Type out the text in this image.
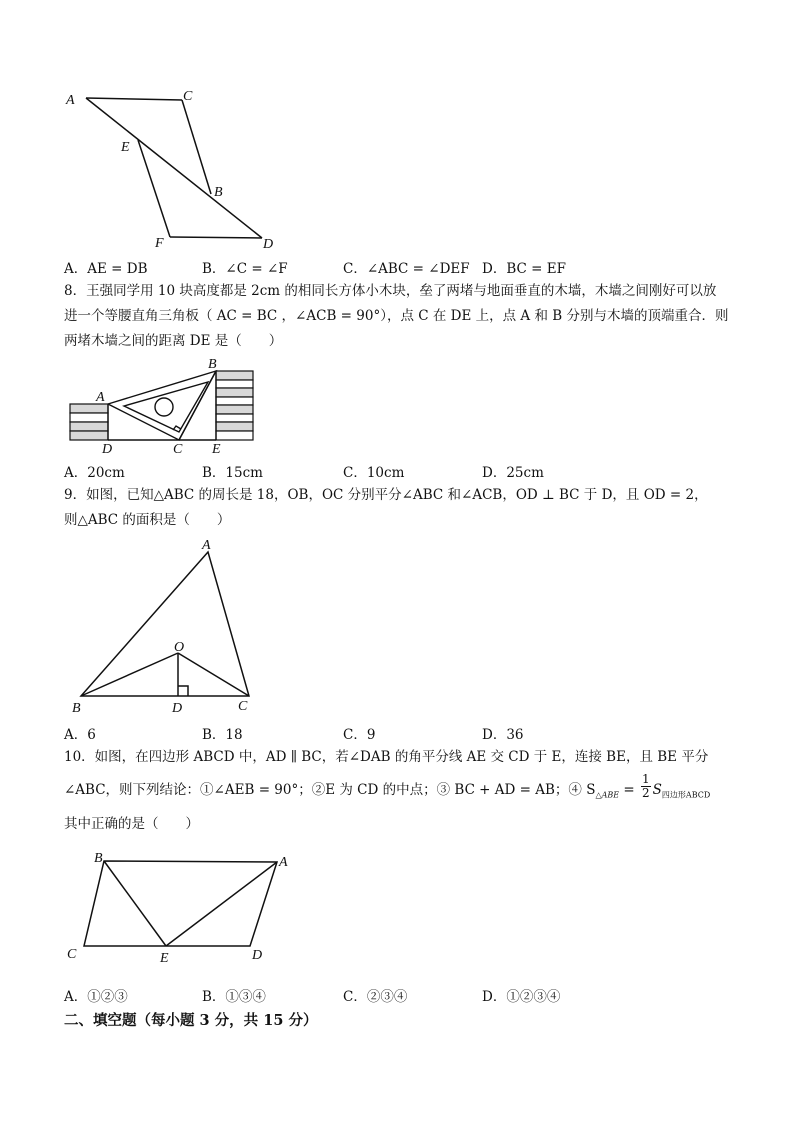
A	C
E
B
F	D
A．AE = DB	B．∠C = ∠F	C．∠ABC = ∠DEF D．BC = EF
8．王强同学用 10 块高度都是 2cm 的相同长方体小木块，垒了两堵与地面垂直的木墙，木墙之间刚好可以放
进一个等腰直角三角板（ AC = BC ，∠ACB = 90°），点 C 在 DE 上，点 A 和 B 分别与木墙的顶端重合．则
两堵木墙之间的距离 DE 是（　　）
A
B
D	C E
A．20cm	B．15cm	C．10cm	D．25cm
9．如图，已知△ABC 的周长是 18，OB，OC 分别平分∠ABC 和∠ACB，OD ⊥ BC 于 D，且 OD = 2，
则△ABC 的面积是（　　）
A
O
B	D	C
A．6	B．18	C．9	D．36
10．如图，在四边形 ABCD 中，AD ∥ BC，若∠DAB 的角平分线 AE 交 CD 于 E，连接 BE，且 BE 平分
∠ABC，则下列结论：①∠AEB = 90°；②E 为 CD 的中点；③ BC + AD = AB；④ $S_{\triangle ABE} = \frac{1}{2} S_{四边形ABCD}$
其中正确的是（　　）
B	A
C	E	D
A．①②③	B．①③④	C．②③④	D．①②③④
二、填空题（每小题 3 分，共 15 分）
